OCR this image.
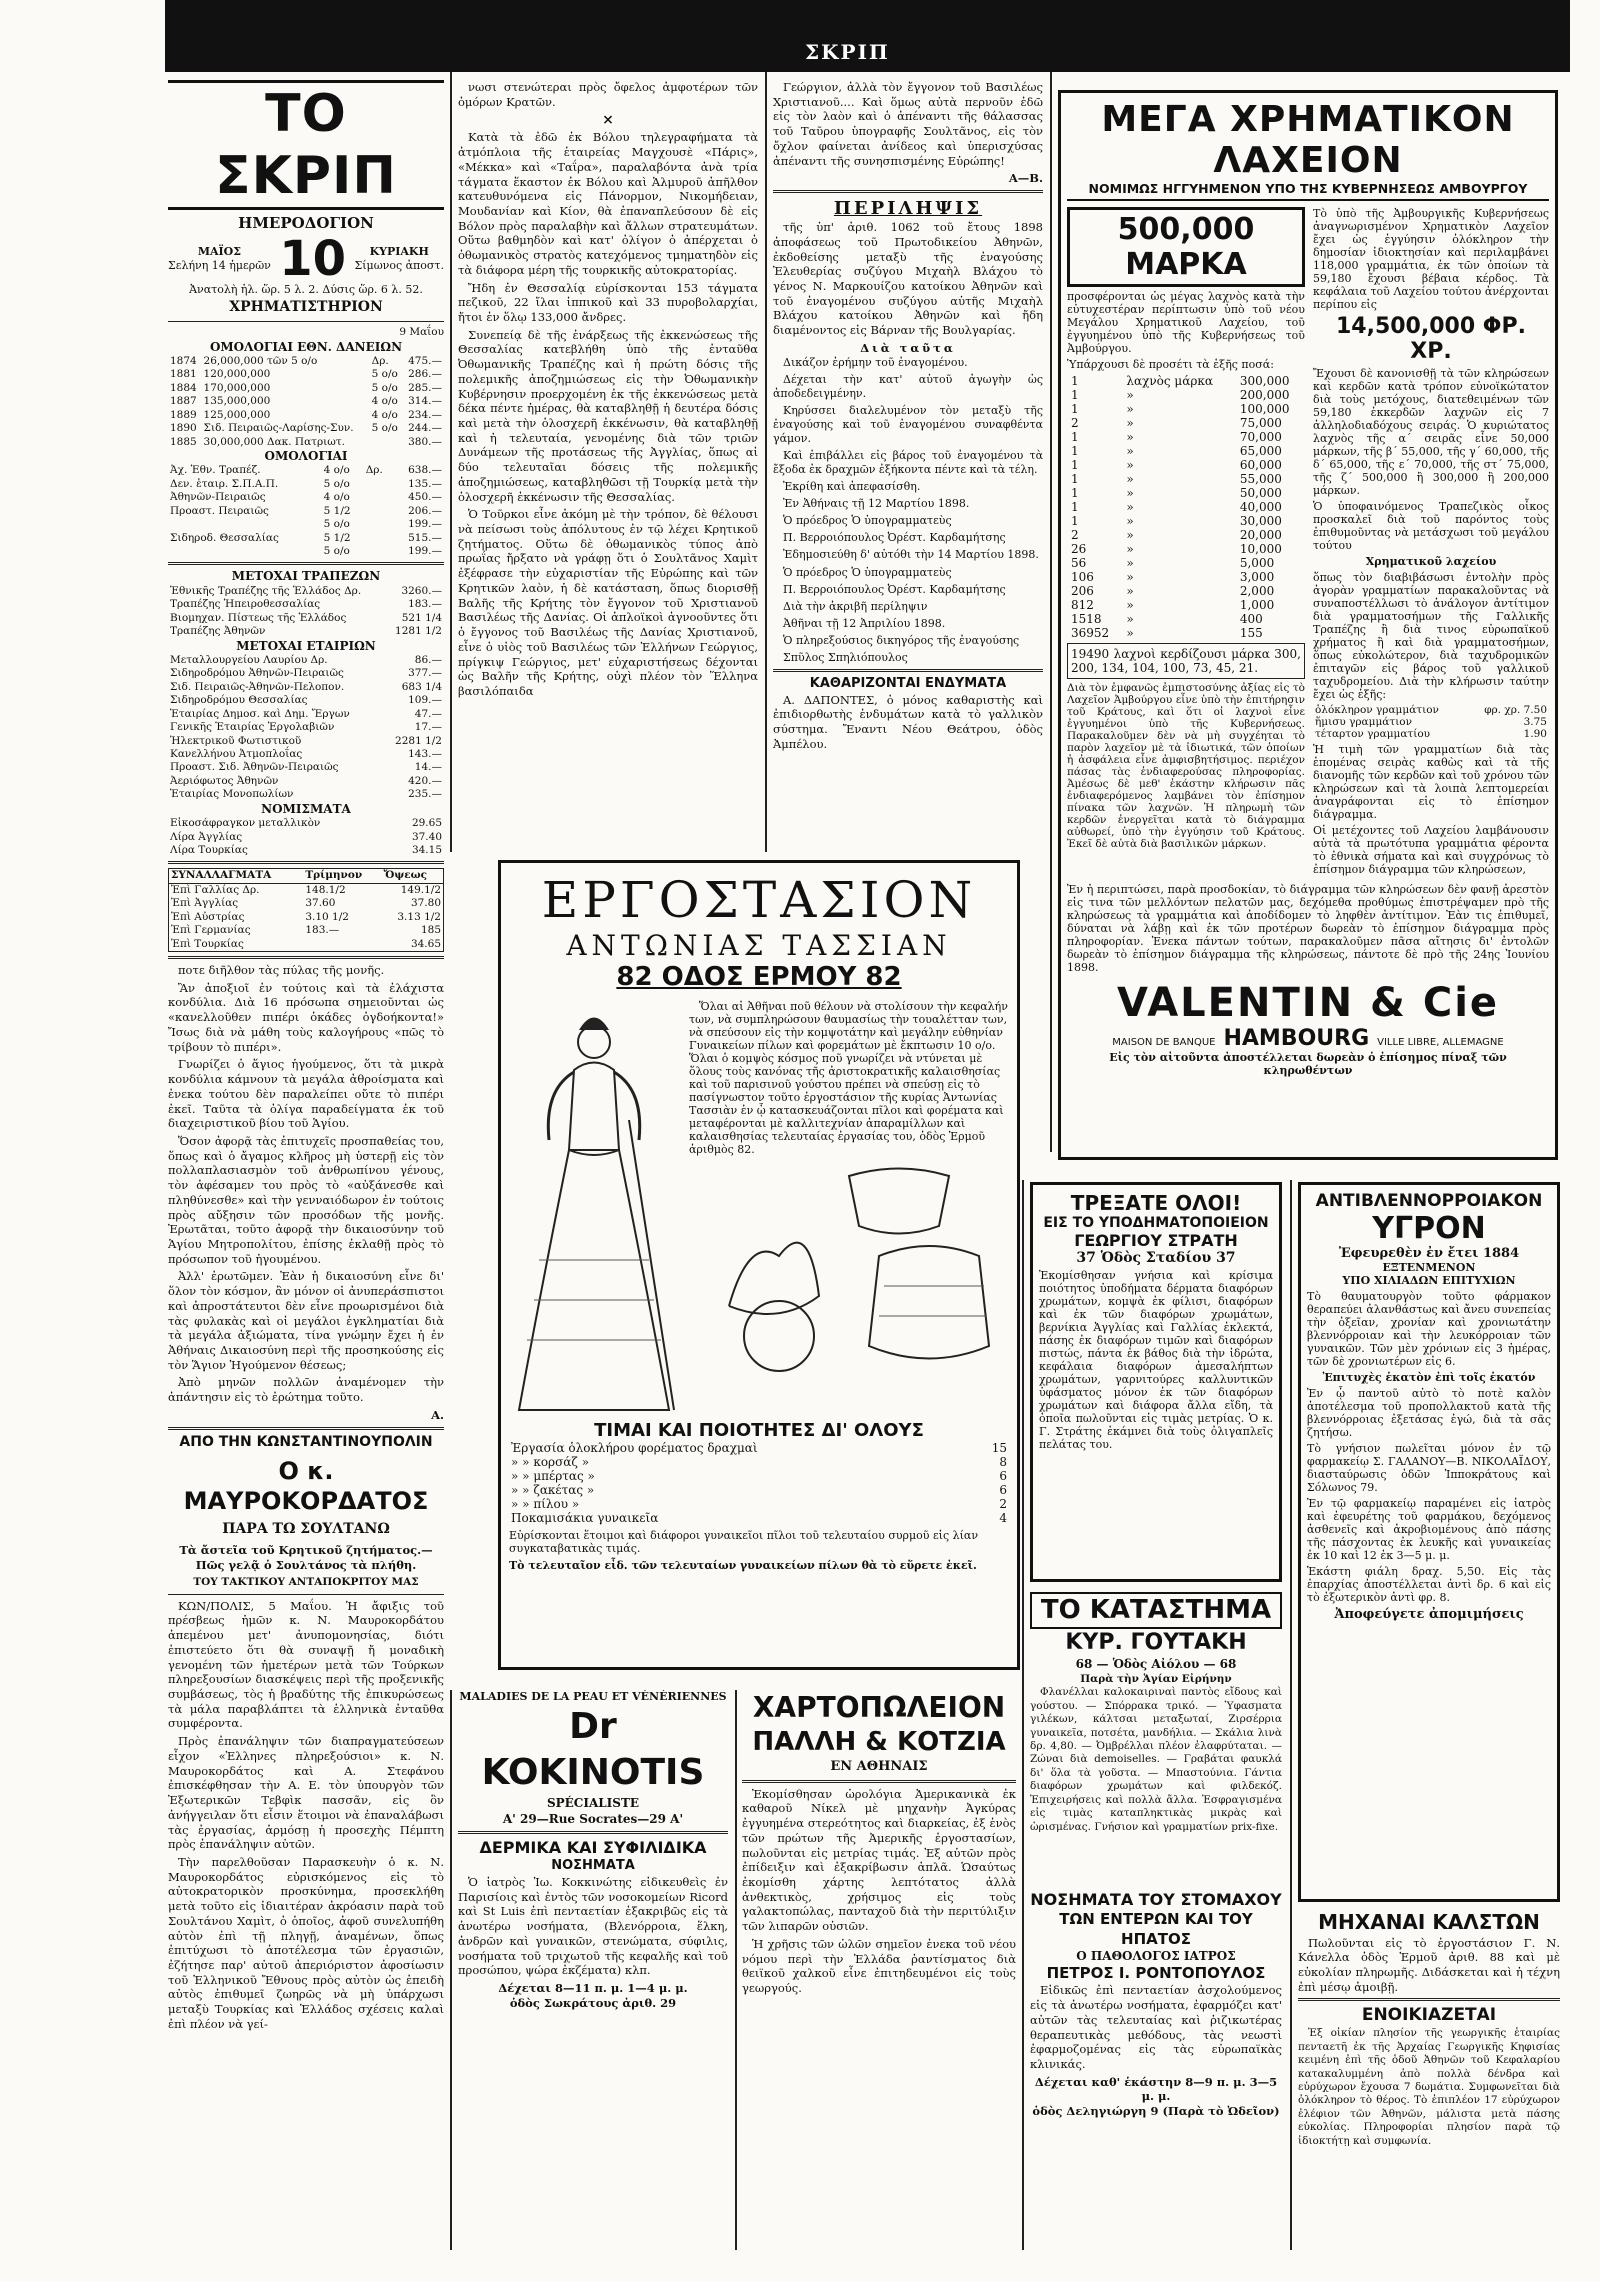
ΣΚΡΙΠ
ΤΟ ΣΚΡΙΠ
ΗΜΕΡΟΔΟΓΙΟΝ
ΜΑΪΟΣ
Σελήνη 14 ἡμερῶν 10	ΚΥΡΙΑΚΗ
Σίμωνος ἀποστ.
Ἀνατολὴ ἡλ. ὥρ. 5 λ. 2. Δύσις ὥρ. 6 λ. 52.
ΧΡΗΜΑΤΙΣΤΗΡΙΟΝ
9 Μαΐου
ΟΜΟΛΟΓΙΑΙ ΕΘΝ. ΔΑΝΕΙΩΝ
1874	26,000,000 τῶν 5 ο/ο	Δρ.	475.—
1881	120,000,000	5 ο/ο	286.—
1884	170,000,000	5 ο/ο	285.—
1887	135,000,000	4 ο/ο	314.—
1889	125,000,000	4 ο/ο	234.—
1890	Σιδ. Πειραιῶς-Λαρίσης-Συν.	5 ο/ο	244.—
1885	30,000,000 Δακ. Πατριωτ.		380.—
ΟΜΟΛΟΓΙΑΙ
Ἀχ. Ἐθν. Τραπέζ.	4 ο/ο	Δρ.	638.—
Δεν. ἑταιρ. Σ.Π.Α.Π.	5 ο/ο		135.—
Ἀθηνῶν-Πειραιῶς	4 ο/ο		450.—
Προαστ. Πειραιῶς	5 1/2		206.—
	5 ο/ο		199.—
Σιδηροδ. Θεσσαλίας	5 1/2		515.—
	5 ο/ο		199.—
ΜΕΤΟΧΑΙ ΤΡΑΠΕΖΩΝ
Ἐθνικῆς Τραπέζης τῆς Ἑλλάδος Δρ.	3260.—
Τραπέζης Ἠπειροθεσσαλίας	183.—
Βιομηχαν. Πίστεως τῆς Ἑλλάδος	521 1/4
Τραπέζης Ἀθηνῶν	1281 1/2
ΜΕΤΟΧΑΙ ΕΤΑΙΡΙΩΝ
Μεταλλουργείου Λαυρίου Δρ.	86.—
Σιδηροδρόμου Ἀθηνῶν-Πειραιῶς	377.—
Σιδ. Πειραιῶς-Ἀθηνῶν-Πελοπον.	683 1/4
Σιδηροδρόμου Θεσσαλίας	109.—
Ἑταιρίας Δημοσ. καὶ Δημ. Ἔργων	47.—
Γενικῆς Ἑταιρίας Ἐργολαβιῶν	17.—
Ἠλεκτρικοῦ Φωτιστικοῦ	2281 1/2
Κανελλήνου Ἀτμοπλοΐας	143.—
Προαστ. Σιδ. Ἀθηνῶν-Πειραιῶς	14.—
Ἀεριόφωτος Ἀθηνῶν	420.—
Ἑταιρίας Μονοπωλίων	235.—
ΝΟΜΙΣΜΑΤΑ
Εἰκοσάφραγκον μεταλλικὸν	29.65
Λίρα Ἀγγλίας	37.40
Λίρα Τουρκίας	34.15
ΣΥΝΑΛΛΑΓΜΑΤΑ	Τρίμηνον	Ὄψεως
Ἐπὶ Γαλλίας Δρ.	148.1/2	149.1/2
Ἐπὶ Ἀγγλίας	37.60	37.80
Ἐπὶ Αὐστρίας	3.10 1/2	3.13 1/2
Ἐπὶ Γερμανίας	183.—	185
Ἐπὶ Τουρκίας		34.65

ποτε διῆλθον τὰς πύλας τῆς μονῆς.

Ἂν ἀποξιοῖ ἐν τούτοις καὶ τὰ ἐλάχιστα κονδύλια. Διὰ 16 πρόσωπα σημειοῦνται ὡς «κανελλοῦθεν πιπέρι ὀκάδες ὀγδοήκοντα!» Ἴσως διὰ νὰ μάθη τοὺς καλογήρους «πῶς τὸ τρίβουν τὸ πιπέρι».

Γνωρίζει ὁ ἅγιος ἡγούμενος, ὅτι τὰ μικρὰ κονδύλια κάμνουν τὰ μεγάλα ἀθροίσματα καὶ ἐνεκα τούτου δὲν παραλείπει οὔτε τὸ πιπέρι ἐκεῖ. Ταῦτα τὰ ὀλίγα παραδείγματα ἐκ τοῦ διαχειριστικοῦ βίου τοῦ Ἁγίου.

Ὅσον ἀφορᾷ τὰς ἐπιτυχεῖς προσπαθείας του, ὅπως καὶ ὁ ἄγαμος κλῆρος μὴ ὑστερῇ εἰς τὸν πολλαπλασιασμὸν τοῦ ἀνθρωπίνου γένους, τὸν ἀφέσαμεν του πρὸς τὸ «αὐξάνεσθε καὶ πληθύνεσθε» καὶ τὴν γενναιόδωρον ἐν τούτοις πρὸς αὔξησιν τῶν προσόδων τῆς μονῆς. Ἐρωτᾶται, τοῦτο ἀφορᾷ τὴν δικαιοσύνην τοῦ Ἁγίου Μητροπολίτου, ἐπίσης ἐκλαθῇ πρὸς τὸ πρόσωπον τοῦ ἡγουμένου.

Ἀλλ' ἐρωτῶμεν. Ἐὰν ἡ δικαιοσύνη εἶνε δι' ὅλον τὸν κόσμον, ἂν μόνον οἱ ἀνυπεράσπιστοι καὶ ἀπροστάτευτοι δὲν εἶνε προωρισμένοι διὰ τὰς φυλακὰς καὶ οἱ μεγάλοι ἐγκληματίαι διὰ τὰ μεγάλα ἀξιώματα, τίνα γνώμην ἔχει ἡ ἐν Ἀθήναις Δικαιοσύνη περὶ τῆς προσηκούσης εἰς τὸν Ἅγιον Ἡγούμενον θέσεως;

Ἀπὸ μηνῶν πολλῶν ἀναμένομεν τὴν ἀπάντησιν εἰς τὸ ἐρώτημα τοῦτο.

Α.
ΑΠΟ ΤΗΝ ΚΩΝΣΤΑΝΤΙΝΟΥΠΟΛΙΝ
Ο κ. ΜΑΥΡΟΚΟΡΔΑΤΟΣ
ΠΑΡΑ ΤΩ ΣΟΥΛΤΑΝΩ
Τὰ ἄστεῖα τοῦ Κρητικοῦ ζητήματος.—Πῶς γελᾷ ὁ Σουλτάνος τὰ πλήθη.
ΤΟΥ ΤΑΚΤΙΚΟΥ ΑΝΤΑΠΟΚΡΙΤΟΥ ΜΑΣ

ΚΩΝ/ΠΟΛΙΣ, 5 Μαΐου. Ἡ ἄφιξις τοῦ πρέσβεως ἡμῶν κ. Ν. Μαυροκορδάτου ἀπεμένου μετ' ἀνυπομονησίας, διότι ἐπιστεύετο ὅτι θὰ συναψῇ ἤ μοναδικὴ γενομένη τῶν ἠμετέρων μετὰ τῶν Τούρκων πληρεξουσίων διασκέψεις περὶ τῆς προξενικῆς συμβάσεως, τὸς ἡ βραδύτης τῆς ἐπικυρώσεως τὰ μάλα παραβλάπτει τὰ ἑλληνικὰ ἐνταῦθα συμφέροντα.

Πρὸς ἐπανάληψιν τῶν διαπραγματεύσεων εἶχον «Ἑλληνες πληρεξούσιοι» κ. Ν. Μαυροκορδάτος καὶ Α. Στεφάνου ἐπισκέφθησαν τὴν Α. Ε. τὸν ὑπουργὸν τῶν Ἐξωτερικῶν Τεβφὶκ πασσᾶν, εἰς ὃν ἀνήγγειλαν ὅτι εἶσιν ἕτοιμοι νὰ ἐπαναλάβωσι τὰς ἐργασίας, ἁρμόσῃ ἡ προσεχὴς Πέμπτη πρὸς ἐπανάληψιν αὐτῶν.

Τὴν παρελθοῦσαν Παρασκευὴν ὁ κ. Ν. Μαυροκορδάτος εὐρισκόμενος εἰς τὸ αὐτοκρατορικὸν προσκύνημα, προσεκλήθη μετὰ τοῦτο εἰς ἰδιαιτέραν ἀκρόασιν παρὰ τοῦ Σουλτάνου Χαμὶτ, ὁ ὁποῖος, ἀφοῦ συνελυπήθη αὐτὸν ἐπὶ τῇ πληγῇ, ἀναμένων, ὅπως ἐπιτύχωσι τὸ ἀποτέλεσμα τῶν ἐργασιῶν, ἐζήτησε παρ' αὐτοῦ ἀπεριόριστον ἀφοσίωσιν τοῦ Ἑλληνικοῦ Ἔθνους πρὸς αὐτὸν ὡς ἐπειδὴ αὐτὸς ἐπιθυμεῖ ζωηρῶς νὰ μὴ ὑπάρχωσι μεταξὺ Τουρκίας καὶ Ἑλλάδος σχέσεις καλαὶ ἐπὶ πλέον νὰ γεί-

νωσι στενώτεραι πρὸς ὄφελος ἀμφοτέρων τῶν ὁμόρων Κρατῶν.

×

Κατὰ τὰ ἐδῶ ἐκ Βόλου τηλεγραφήματα τὰ ἀτμόπλοια τῆς ἑταιρείας Μαγχουσὲ «Πάρις», «Μέκκα» καὶ «Ταΐρα», παραλαβόντα ἀνὰ τρία τάγματα ἕκαστον ἐκ Βόλου καὶ Ἁλμυροῦ ἀπῆλθον κατευθυνόμενα εἰς Πάνορμον, Νικομήδειαν, Μουδανίαν καὶ Κίον, θὰ ἐπαναπλεύσουν δὲ εἰς Βόλον πρὸς παραλαβὴν καὶ ἄλλων στρατευμάτων. Οὕτω βαθμηδὸν καὶ κατ' ὀλίγον ὁ ἀπέρχεται ὁ ὀθωμανικὸς στρατὸς κατεχόμενος τμηματηδὸν εἰς τὰ διάφορα μέρη τῆς τουρκικῆς αὐτοκρατορίας.

Ἤδη ἐν Θεσσαλίᾳ εὑρίσκονται 153 τάγματα πεζικοῦ, 22 ἴλαι ἱππικοῦ καὶ 33 πυροβολαρχίαι, ἤτοι ἐν ὅλῳ 133,000 ἄνδρες.

Συνεπείᾳ δὲ τῆς ἐνάρξεως τῆς ἐκκενώσεως τῆς Θεσσαλίας κατεβλήθη ὑπὸ τῆς ἐνταῦθα Ὀθωμανικῆς Τραπέζης καὶ ἡ πρώτη δόσις τῆς πολεμικῆς ἀποζημιώσεως εἰς τὴν Ὀθωμανικὴν Κυβέρνησιν προερχομένη ἐκ τῆς ἐκκενώσεως μετὰ δέκα πέντε ἡμέρας, θὰ καταβληθῇ ἡ δευτέρα δόσις καὶ μετὰ τὴν ὁλοσχερῆ ἐκκένωσιν, θὰ καταβληθῇ καὶ ἡ τελευταία, γενομένης διὰ τῶν τριῶν Δυνάμεων τῆς προτάσεως τῆς Ἀγγλίας, ὅπως αἱ δύο τελευταῖαι δόσεις τῆς πολεμικῆς ἀποζημιώσεως, καταβληθῶσι τῇ Τουρκίᾳ μετὰ τὴν ὁλοσχερῆ ἐκκένωσιν τῆς Θεσσαλίας.

Ὁ Τοῦρκοι εἶνε ἀκόμη μὲ τὴν τρόπον, δὲ θέλουσι νὰ πείσωσι τοὺς ἀπόλυτους ἐν τῷ λέχει Κρητικοῦ ζητήματος. Οὕτω δὲ ὀθωμανικὸς τύπος ἀπὸ πρωΐας ἤρξατο νὰ γράφῃ ὅτι ὁ Σουλτᾶνος Χαμὶτ ἐξέφρασε τὴν εὐχαριστίαν τῆς Εὐρώπης καὶ τῶν Κρητικῶν λαὸν, ἡ δὲ κατάσταση, ὅπως διορισθῇ Βαλῆς τῆς Κρήτης τὸν ἔγγονον τοῦ Χριστιανοῦ Βασιλέως τῆς Δανίας. Οἱ ἁπλοϊκοὶ ἀγνοοῦντες ὅτι ὁ ἔγγονος τοῦ Βασιλέως τῆς Δανίας Χριστιανοῦ, εἶνε ὁ υἱὸς τοῦ Βασιλέως τῶν Ἑλλήνων Γεώργιος, πρίγκιψ Γεώργιος, μετ' εὐχαριστήσεως δέχονται ὡς Βαλῆν τῆς Κρήτης, οὐχὶ πλέον τὸν Ἕλληνα βασιλόπαιδα

Γεώργιον, ἀλλὰ τὸν ἔγγονον τοῦ Βασιλέως Χριστιανοῦ.... Καὶ ὅμως αὐτὰ περνοῦν ἐδῶ εἰς τὸν λαὸν καὶ ὁ ἀπέναντι τῆς θάλασσας τοῦ Ταῦρου ὑπογραφῆς Σουλτᾶνος, εἰς τὸν ὄχλον φαίνεται ἀνίδεος καὶ ὑπερισχύσας ἀπέναντι τῆς συνησπισμένης Εὐρώπης!

Α—Β.
ΠΕΡΙΛΗΨΙΣ

τῆς ὑπ' ἀριθ. 1062 τοῦ ἔτους 1898 ἀποφάσεως τοῦ Πρωτοδικείου Ἀθηνῶν, ἐκδοθείσης μεταξὺ τῆς ἐναγούσης Ἐλευθερίας συζύγου Μιχαὴλ Βλάχου τὸ γένος Ν. Μαρκουίζου κατοίκου Ἀθηνῶν καὶ τοῦ ἐναγομένου συζύγου αὐτῆς Μιχαὴλ Βλάχου κατοίκου Ἀθηνῶν καὶ ἤδη διαμένοντος εἰς Βάρναν τῆς Βουλγαρίας.

Διὰ ταῦτα

Δικάζον ἐρήμην τοῦ ἐναγομένου.

Δέχεται τὴν κατ' αὐτοῦ ἀγωγὴν ὡς ἀποδεδειγμένην.

Κηρύσσει διαλελυμένον τὸν μεταξὺ τῆς ἐναγούσης καὶ τοῦ ἐναγομένου συναφθέντα γάμον.

Καὶ ἐπιβάλλει εἰς βάρος τοῦ ἐναγομένου τὰ ἔξοδα ἐκ δραχμῶν ἐξήκοντα πέντε καὶ τὰ τέλη.

Ἐκρίθη καὶ ἀπεφασίσθη.

Ἐν Ἀθήναις τῇ 12 Μαρτίου 1898.

Ὁ πρόεδρος Ὁ ὑπογραμματεὺς

Π. Βερροιόπουλος Ὀρέστ. Καρδαμήτσης

Ἐδημοσιεύθη δ' αὐτόθι τὴν 14 Μαρτίου 1898.

Ὁ πρόεδρος Ὁ ὑπογραμματεὺς

Π. Βερροιόπουλος Ὀρέστ. Καρδαμήτσης

Διὰ τὴν ἀκριβῆ περίληψιν

Ἀθῆναι τῇ 12 Ἀπριλίου 1898.

Ὁ πληρεξούσιος δικηγόρος τῆς ἐναγούσης

Σπῦλος Σπηλιόπουλος

ΚΑΘΑΡΙΖΟΝΤΑΙ ΕΝΔΥΜΑΤΑ

Α. ΔΑΠΟΝΤΕΣ, ὁ μόνος καθαριστὴς καὶ ἐπιδιορθωτὴς ἐνδυμάτων κατὰ τὸ γαλλικὸν σύστημα. Ἔναντι Νέου Θεάτρου, ὁδὸς Ἀμπέλου.

ΜΕΓΑ ΧΡΗΜΑΤΙΚΟΝ ΛΑΧΕΙΟΝ
ΝΟΜΙΜΩΣ ΗΓΓΥΗΜΕΝΟΝ ΥΠΟ ΤΗΣ ΚΥΒΕΡΝΗΣΕΩΣ ΑΜΒΟΥΡΓΟΥ
500,000 ΜΑΡΚΑ

προσφέρονται ὡς μέγας λαχνὸς κατὰ τὴν εὐτυχεστέραν περίπτωσιν ὑπὸ τοῦ νέου Μεγάλου Χρηματικοῦ Λαχείου, τοῦ ἐγγυημένου ὑπὸ τῆς Κυβερνήσεως τοῦ Ἀμβούργου.

Ὑπάρχουσι δὲ προσέτι τὰ ἑξῆς ποσά:

1	λαχνὸς μάρκα	300,000
1	»	200,000
1	»	100,000
2	»	75,000
1	»	70,000
1	»	65,000
1	»	60,000
1	»	55,000
1	»	50,000
1	»	40,000
1	»	30,000
2	»	20,000
26	»	10,000
56	»	5,000
106	»	3,000
206	»	2,000
812	»	1,000
1518	»	400
36952	»	155
19490 λαχνοὶ κερδίζουσι μάρκα 300, 200, 134, 104, 100, 73, 45, 21.

Διὰ τὸν ἐμφανῶς ἐμπιστοσύνης ἀξίας εἰς τὸ Λαχεῖον Ἀμβούργου εἶνε ὑπὸ τὴν ἐπιτήρησιν τοῦ Κράτους, καὶ ὅτι οἱ λαχνοὶ εἶνε ἐγγυημένοι ὑπὸ τῆς Κυβερνήσεως. Παρακαλοῦμεν δὲν νὰ μὴ συγχέηται τὸ παρὸν λαχεῖον μὲ τὰ ἰδιωτικά, τῶν ὁποίων ἡ ἀσφάλεια εἶνε ἀμφισβητήσιμος. περιέχον πάσας τὰς ἐνδιαφερούσας πληροφορίας. Ἀμέσως δὲ μεθ' ἑκάστην κλήρωσιν πᾶς ἐνδιαφερόμενος λαμβάνει τὸν ἐπίσημον πίνακα τῶν λαχνῶν. Ἡ πληρωμὴ τῶν κερδῶν ἐνεργεῖται κατὰ τὸ διάγραμμα αὐθωρεί, ὑπὸ τὴν ἐγγύησιν τοῦ Κράτους. Ἐκεῖ δὲ αὐτὰ διὰ βασιλικῶν μάρκων.

Τὸ ὑπὸ τῆς Ἀμβουργικῆς Κυβερνήσεως ἀναγνωρισμένον Χρηματικὸν Λαχεῖον ἔχει ὡς ἐγγύησιν ὁλόκληρον τὴν δημοσίαν ἰδιοκτησίαν καὶ περιλαμβάνει 118,000 γραμμάτια, ἐκ τῶν ὁποίων τὰ 59,180 ἔχουσι βέβαια κέρδος. Τὰ κεφάλαια τοῦ Λαχείου τούτου ἀνέρχονται περίπου εἰς

14,500,000 ΦΡ. ΧΡ.

Ἔχουσι δὲ κανονισθῇ τὰ τῶν κληρώσεων καὶ κερδῶν κατὰ τρόπον εὐνοϊκώτατον διὰ τοὺς μετόχους, διατεθειμένων τῶν 59,180 ἐκκερδῶν λαχνῶν εἰς 7 ἀλληλοδιαδόχους σειράς. Ὁ κυριώτατος λαχνὸς τῆς α΄ σειρᾶς εἶνε 50,000 μάρκων, τῆς β΄ 55,000, τῆς γ΄ 60,000, τῆς δ΄ 65,000, τῆς ε΄ 70,000, τῆς στ΄ 75,000, τῆς ζ΄ 500,000 ἢ 300,000 ἢ 200,000 μάρκων.

Ὁ ὑποφαινόμενος Τραπεζικὸς οἶκος προσκαλεῖ διὰ τοῦ παρόντος τοὺς ἐπιθυμοῦντας νὰ μετάσχωσι τοῦ μεγάλου τούτου

Χρηματικοῦ λαχείου

ὅπως τὸν διαβιβάσωσι ἐντολὴν πρὸς ἀγορὰν γραμματίων παρακαλοῦντας νὰ συναποστέλλωσι τὸ ἀνάλογον ἀντίτιμον διὰ γραμματοσήμων τῆς Γαλλικῆς Τραπέζης ἢ διὰ τινος εὐρωπαϊκοῦ χρήματος ἢ καὶ διὰ γραμματοσήμων, ὅπως εὐκολώτερον, διὰ ταχυδρομικῶν ἐπιταγῶν εἰς βάρος τοῦ γαλλικοῦ ταχυδρομείου. Διὰ τὴν κλήρωσιν ταύτην ἔχει ὡς ἑξῆς:

ὁλόκληρον γραμμάτιον	φρ. χρ. 7.50
ἥμισυ γραμμάτιον	3.75
τέταρτον γραμματίου	1.90

Ἡ τιμὴ τῶν γραμματίων διὰ τὰς ἑπομένας σειρὰς καθὼς καὶ τὰ τῆς διανομῆς τῶν κερδῶν καὶ τοῦ χρόνου τῶν κληρώσεων καὶ τὰ λοιπὰ λεπτομερείαι ἀναγράφονται εἰς τὸ ἐπίσημον διάγραμμα.

Οἱ μετέχοντες τοῦ Λαχείου λαμβάνουσιν αὐτὰ τὰ πρωτότυπα γραμμάτια φέροντα τὸ ἐθνικὰ σήματα καὶ καὶ συγχρόνως τὸ ἐπίσημον διάγραμμα τῶν κληρώσεων,

Ἐν ἡ περιπτώσει, παρὰ προσδοκίαν, τὸ διάγραμμα τῶν κληρώσεων δὲν φανῇ ἀρεστὸν εἰς τινα τῶν μελλόντων πελατῶν μας, δεχόμεθα προθύμως ἐπιστρέψαμεν πρὸ τῆς κληρώσεως τὰ γραμμάτια καὶ ἀποδίδομεν τὸ ληφθὲν ἀντίτιμον. Ἐὰν τις ἐπιθυμεῖ, δύναται νὰ λάβῃ καὶ ἐκ τῶν προτέρων δωρεὰν τὸ ἐπίσημον διάγραμμα πρὸς πληροφορίαν. Ἐνεκα πάντων τούτων, παρακαλοῦμεν πᾶσα αἴτησις δι' ἐντολῶν δωρεὰν τὸ ἐπίσημον διάγραμμα τῆς κληρώσεως, πάντοτε δὲ πρὸ τῆς 24ης Ἰουνίου 1898.

VALENTIN & Cie
MAISON DE BANQUE HAMBOURG VILLE LIBRE, ALLEMAGNE
Εἰς τὸν αἰτοῦντα ἀποστέλλεται δωρεὰν ὁ ἐπίσημος πίναξ τῶν κληρωθέντων
ΕΡΓΟΣΤΑΣΙΟΝ
ΑΝΤΩΝΙΑΣ ΤΑΣΣΙΑΝ
82 ΟΔΟΣ ΕΡΜΟΥ 82

Ὅλαι αἱ Ἀθῆναι ποῦ θέλουν νὰ στολίσουν τὴν κεφαλήν των, νὰ συμπληρώσουν θαυμασίως τὴν τουαλέτταν των, νὰ σπεύσουν εἰς τὴν κομψοτάτην καὶ μεγάλην εὐθηνίαν Γυναικείων πίλων καὶ φορεμάτων μὲ ἔκπτωσιν 10 ο/ο. Ὅλαι ὁ κομψὸς κόσμος ποῦ γνωρίζει νὰ ντύνεται μὲ ὅλους τοὺς κανόνας τῆς ἀριστοκρατικῆς καλαισθησίας καὶ τοῦ παρισινοῦ γούστου πρέπει νὰ σπεύσῃ εἰς τὸ πασίγνωστον τοῦτο ἐργοστάσιον τῆς κυρίας Ἀντωνίας Τασσιὰν ἐν ᾧ κατασκευάζονται πῖλοι καὶ φορέματα καὶ μεταφέρονται μὲ καλλιτεχνίαν ἀπαραμίλλων καὶ καλαισθησίας τελευταίας ἐργασίας του, ὁδὸς Ἑρμοῦ ἀριθμὸς 82.

ΤΙΜΑΙ ΚΑΙ ΠΟΙΟΤΗΤΕΣ ΔΙ' ΟΛΟΥΣ
Ἐργασία ὁλοκλήρου φορέματος δραχμαὶ	15
» » κορσάζ »	8
» » μπέρτας »	6
» » ζακέτας »	6
» » πίλου »	2
Ποκαμισάκια γυναικεῖα	4

Εὑρίσκονται ἕτοιμοι καὶ διάφοροι γυναικεῖοι πῖλοι τοῦ τελευταίου συρμοῦ εἰς λίαν συγκαταβατικὰς τιμάς.

Τὸ τελευταῖον εἶδ. τῶν τελευταίων γυναικείων πίλων θὰ τὸ εὕρετε ἐκεῖ.

MALADIES DE LA PEAU ET VÉNÉRIENNES
Dr KOKINOTIS
SPÉCIALISTE
Α' 29—Rue Socrates—29 Α'
ΔΕΡΜΙΚΑ ΚΑΙ ΣΥΦΙΛΙΔΙΚΑ
ΝΟΣΗΜΑΤΑ

Ὁ ἰατρὸς Ἰω. Κοκκινώτης εἰδικευθεὶς ἐν Παρισίοις καὶ ἐντὸς τῶν νοσοκομείων Ricord καὶ St Luis ἐπὶ πενταετίαν ἐξακριβῶς εἰς τὰ ἀνωτέρω νοσήματα, (Βλενόρροια, ἕλκη, ἀνδρῶν καὶ γυναικῶν, στενώματα, σύφιλις, νοσήματα τοῦ τριχωτοῦ τῆς κεφαλῆς καὶ τοῦ προσώπου, ψώρα ἐκζέματα) κλπ.

Δέχεται 8—11 π. μ. 1—4 μ. μ.
ὁδὸς Σωκράτους ἀριθ. 29
ΧΑΡΤΟΠΩΛΕΙΟΝ
ΠΑΛΛΗ & ΚΟΤΖΙΑ
ΕΝ ΑΘΗΝΑΙΣ

Ἐκομίσθησαν ὡρολόγια Ἀμερικανικὰ ἐκ καθαροῦ Νίκελ μὲ μηχανὴν Ἀγκύρας ἐγγυημένα στερεότητος καὶ διαρκείας, ἐξ ἑνὸς τῶν πρώτων τῆς Ἀμερικῆς ἐργοστασίων, πωλοῦνται εἰς μετρίας τιμάς. Ἐξ αὐτῶν πρὸς ἐπίδειξιν καὶ ἐξακρίβωσιν ἁπλᾶ. Ὡσαύτως ἐκομίσθη χάρτης λεπτότατος ἀλλὰ ἀνθεκτικὸς, χρήσιμος εἰς τοὺς γαλακτοπώλας, πανταχοῦ διὰ τὴν περιτύλιξιν τῶν λιπαρῶν οὐσιῶν.

Ἡ χρῆσις τῶν ὡλῶν σημεῖον ἐνεκα τοῦ νέου νόμου περὶ τὴν Ἑλλάδα ῥαντίσματος διὰ θειϊκοῦ χαλκοῦ εἶνε ἐπιτηδευμένοι εἰς τοὺς γεωργούς.

ΤΡΕΞΑΤΕ ΟΛΟΙ!
ΕΙΣ ΤΟ ΥΠΟΔΗΜΑΤΟΠΟΙΕΙΟΝ
ΓΕΩΡΓΙΟΥ ΣΤΡΑΤΗ
37 Ὁδὸς Σταδίου 37

Ἐκομίσθησαν γνήσια καὶ κρίσιμα ποιότητος ὑποδήματα δέρματα διαφόρων χρωμάτων, κομψὰ ἐκ φίλισι, διαφόρων καὶ ἐκ τῶν διαφόρων χρωμάτων, βερνίκια Ἀγγλίας καὶ Γαλλίας ἐκλεκτά, πάσης ἐκ διαφόρων τιμῶν καὶ διαφόρων πιστώς, πάντα ἐκ βάθος διὰ τὴν ἱδρώτα, κεφάλαια διαφόρων ἀμεσαλήπτων χρωμάτων, γαρνιτούρες καλλυντικῶν ὑφάσματος μόνον ἐκ τῶν διαφόρων χρωμάτων καὶ διάφορα ἄλλα εἴδη, τὰ ὁποῖα πωλοῦνται εἰς τιμὰς μετρίας. Ὁ κ. Γ. Στράτης ἐκάμνει διὰ τοὺς ὀλιγαπλεῖς πελάτας του.

ΤΟ ΚΑΤΑΣΤΗΜΑ
ΚΥΡ. ΓΟΥΤΑΚΗ
68 — Ὁδὸς Αἰόλου — 68
Παρὰ τὴν Ἁγίαν Εἰρήνην

Φλανέλλαι καλοκαιριναὶ παντὸς εἴδους καὶ γούστου. — Σπόρρακα τρικό. — Ὑφασματα γιλέκων, κάλτσαι μεταξωταί, Ζιρσέρρια γυναικεῖα, ποτσέτα, μανδήλια. — Σκάλια λινὰ δρ. 4,80. — Ὀμβρέλλαι πλέον ἐλαφρύταται. — Ζώναι διὰ demoiselles. — Γραβάται φαυκλά δι' ὅλα τὰ γοῦστα. — Μπαστούνια. Γάντια διαφόρων χρωμάτων καὶ φιλδεκόζ. Ἐπιχειρήσεις καὶ πολλὰ ἄλλα. Ἐσφραγισμένα εἰς τιμὰς καταπληκτικὰς μικρὰς καὶ ὡρισμένας. Γνήσιον καὶ γραμματίων prix-fixe.

ΝΟΣΗΜΑΤΑ ΤΟΥ ΣΤΟΜΑΧΟΥ
ΤΩΝ ΕΝΤΕΡΩΝ ΚΑΙ ΤΟΥ ΗΠΑΤΟΣ
Ο ΠΑΘΟΛΟΓΟΣ ΙΑΤΡΟΣ
ΠΕΤΡΟΣ Ι. ΡΟΝΤΟΠΟΥΛΟΣ

Εἰδικῶς ἐπὶ πενταετίαν ἀσχολούμενος εἰς τὰ ἀνωτέρω νοσήματα, ἐφαρμόζει κατ' αὐτῶν τὰς τελευταίας καὶ ῥιζικωτέρας θεραπευτικὰς μεθόδους, τὰς νεωστὶ ἐφαρμοζομένας εἰς τὰς εὐρωπαϊκὰς κλινικάς.

Δέχεται καθ' ἑκάστην 8—9 π. μ. 3—5 μ. μ.
ὁδὸς Δεληγιώργη 9 (Παρὰ τὸ Ὠδεῖον)
ΑΝΤΙΒΛΕΝΝΟΡΡΟΙΑΚΟΝ
ΥΓΡΟΝ
Ἐφευρεθὲν ἐν ἔτει 1884
ΕΞΤΕΝΜΕΝΟΝ
ΥΠΟ ΧΙΛΙΑΔΩΝ ΕΠΙΤΥΧΙΩΝ

Τὸ θαυματουργὸν τοῦτο φάρμακον θεραπεύει ἀλανθάστως καὶ ἄνευ συνεπείας τὴν ὀξεῖαν, χρονίαν καὶ χρονιωτάτην βλεννόρροιαν καὶ τὴν λευκόρροιαν τῶν γυναικῶν. Τῶν μὲν χρόνιων εἰς 3 ἡμέρας, τῶν δὲ χρονιωτέρων εἰς 6.

Ἐπιτυχὲς ἑκατὸν ἐπὶ τοῖς ἑκατόν

Ἐν ᾧ παντοῦ αὐτὸ τὸ ποτὲ καλὸν ἀποτέλεσμα τοῦ προπολλακτοῦ κατὰ τῆς βλεννόρροιας ἐξετάσας ἐγώ, διὰ τὰ σᾶς ζητήσω.

Τὸ γνήσιον πωλεῖται μόνον ἐν τῷ φαρμακείῳ Σ. ΓΑΛΑΝΟΥ—Β. ΝΙΚΟΛΑΪΔΟΥ, διασταύρωσις ὁδῶν Ἱπποκράτους καὶ Σόλωνος 79.

Ἐν τῷ φαρμακείῳ παραμένει εἰς ἰατρὸς καὶ ἐφευρέτης τοῦ φαρμάκου, δεχόμενος ἀσθενεῖς καὶ ἀκροβιομένους ἀπὸ πάσης τῆς πάσχοντας ἐκ λευκῆς καὶ γυναικείας ἐκ 10 καὶ 12 ἐκ 3—5 μ. μ.

Ἑκάστη φιάλη δραχ. 5,50. Εἰς τὰς ἐπαρχίας ἀποστέλλεται ἀντὶ δρ. 6 καὶ εἰς τὸ ἐξωτερικὸν ἀντὶ φρ. 8.

Ἀποφεύγετε ἀπομιμήσεις
ΜΗΧΑΝΑΙ ΚΑΛΣΤΩΝ

Πωλοῦνται εἰς τὸ ἐργοστάσιον Γ. Ν. Κάνελλα ὁδὸς Ἑρμοῦ ἀριθ. 88 καὶ μὲ εὐκολίαν πληρωμῆς. Διδάσκεται καὶ ἡ τέχνη ἐπὶ μέσῳ ἀμοιβῇ.

ΕΝΟΙΚΙΑΖΕΤΑΙ

Ἐξ οἰκίαν πλησίον τῆς γεωργικῆς ἑταιρίας πενταετῆ ἐκ τῆς Ἀρχαίας Γεωργικῆς Κηφισίας κειμένη ἐπὶ τῆς ὁδοῦ Ἀθηνῶν τοῦ Κεφαλαρίου κατακαλυμμένη ἀπὸ πολλὰ δένδρα καὶ εὐρύχωρον ἔχουσα 7 δωμάτια. Συμφωνεῖται διὰ ὀλόκληρον τὸ θέρος. Τὸ ἐπιπλέον 17 εὐρύχωρον ἐλέφιον τῶν Ἀθηνῶν, μάλιστα μετὰ πάσης εὐκολίας. Πληροφορίαι πλησίον παρὰ τῷ ἰδιοκτήτῃ καὶ συμφωνία.
